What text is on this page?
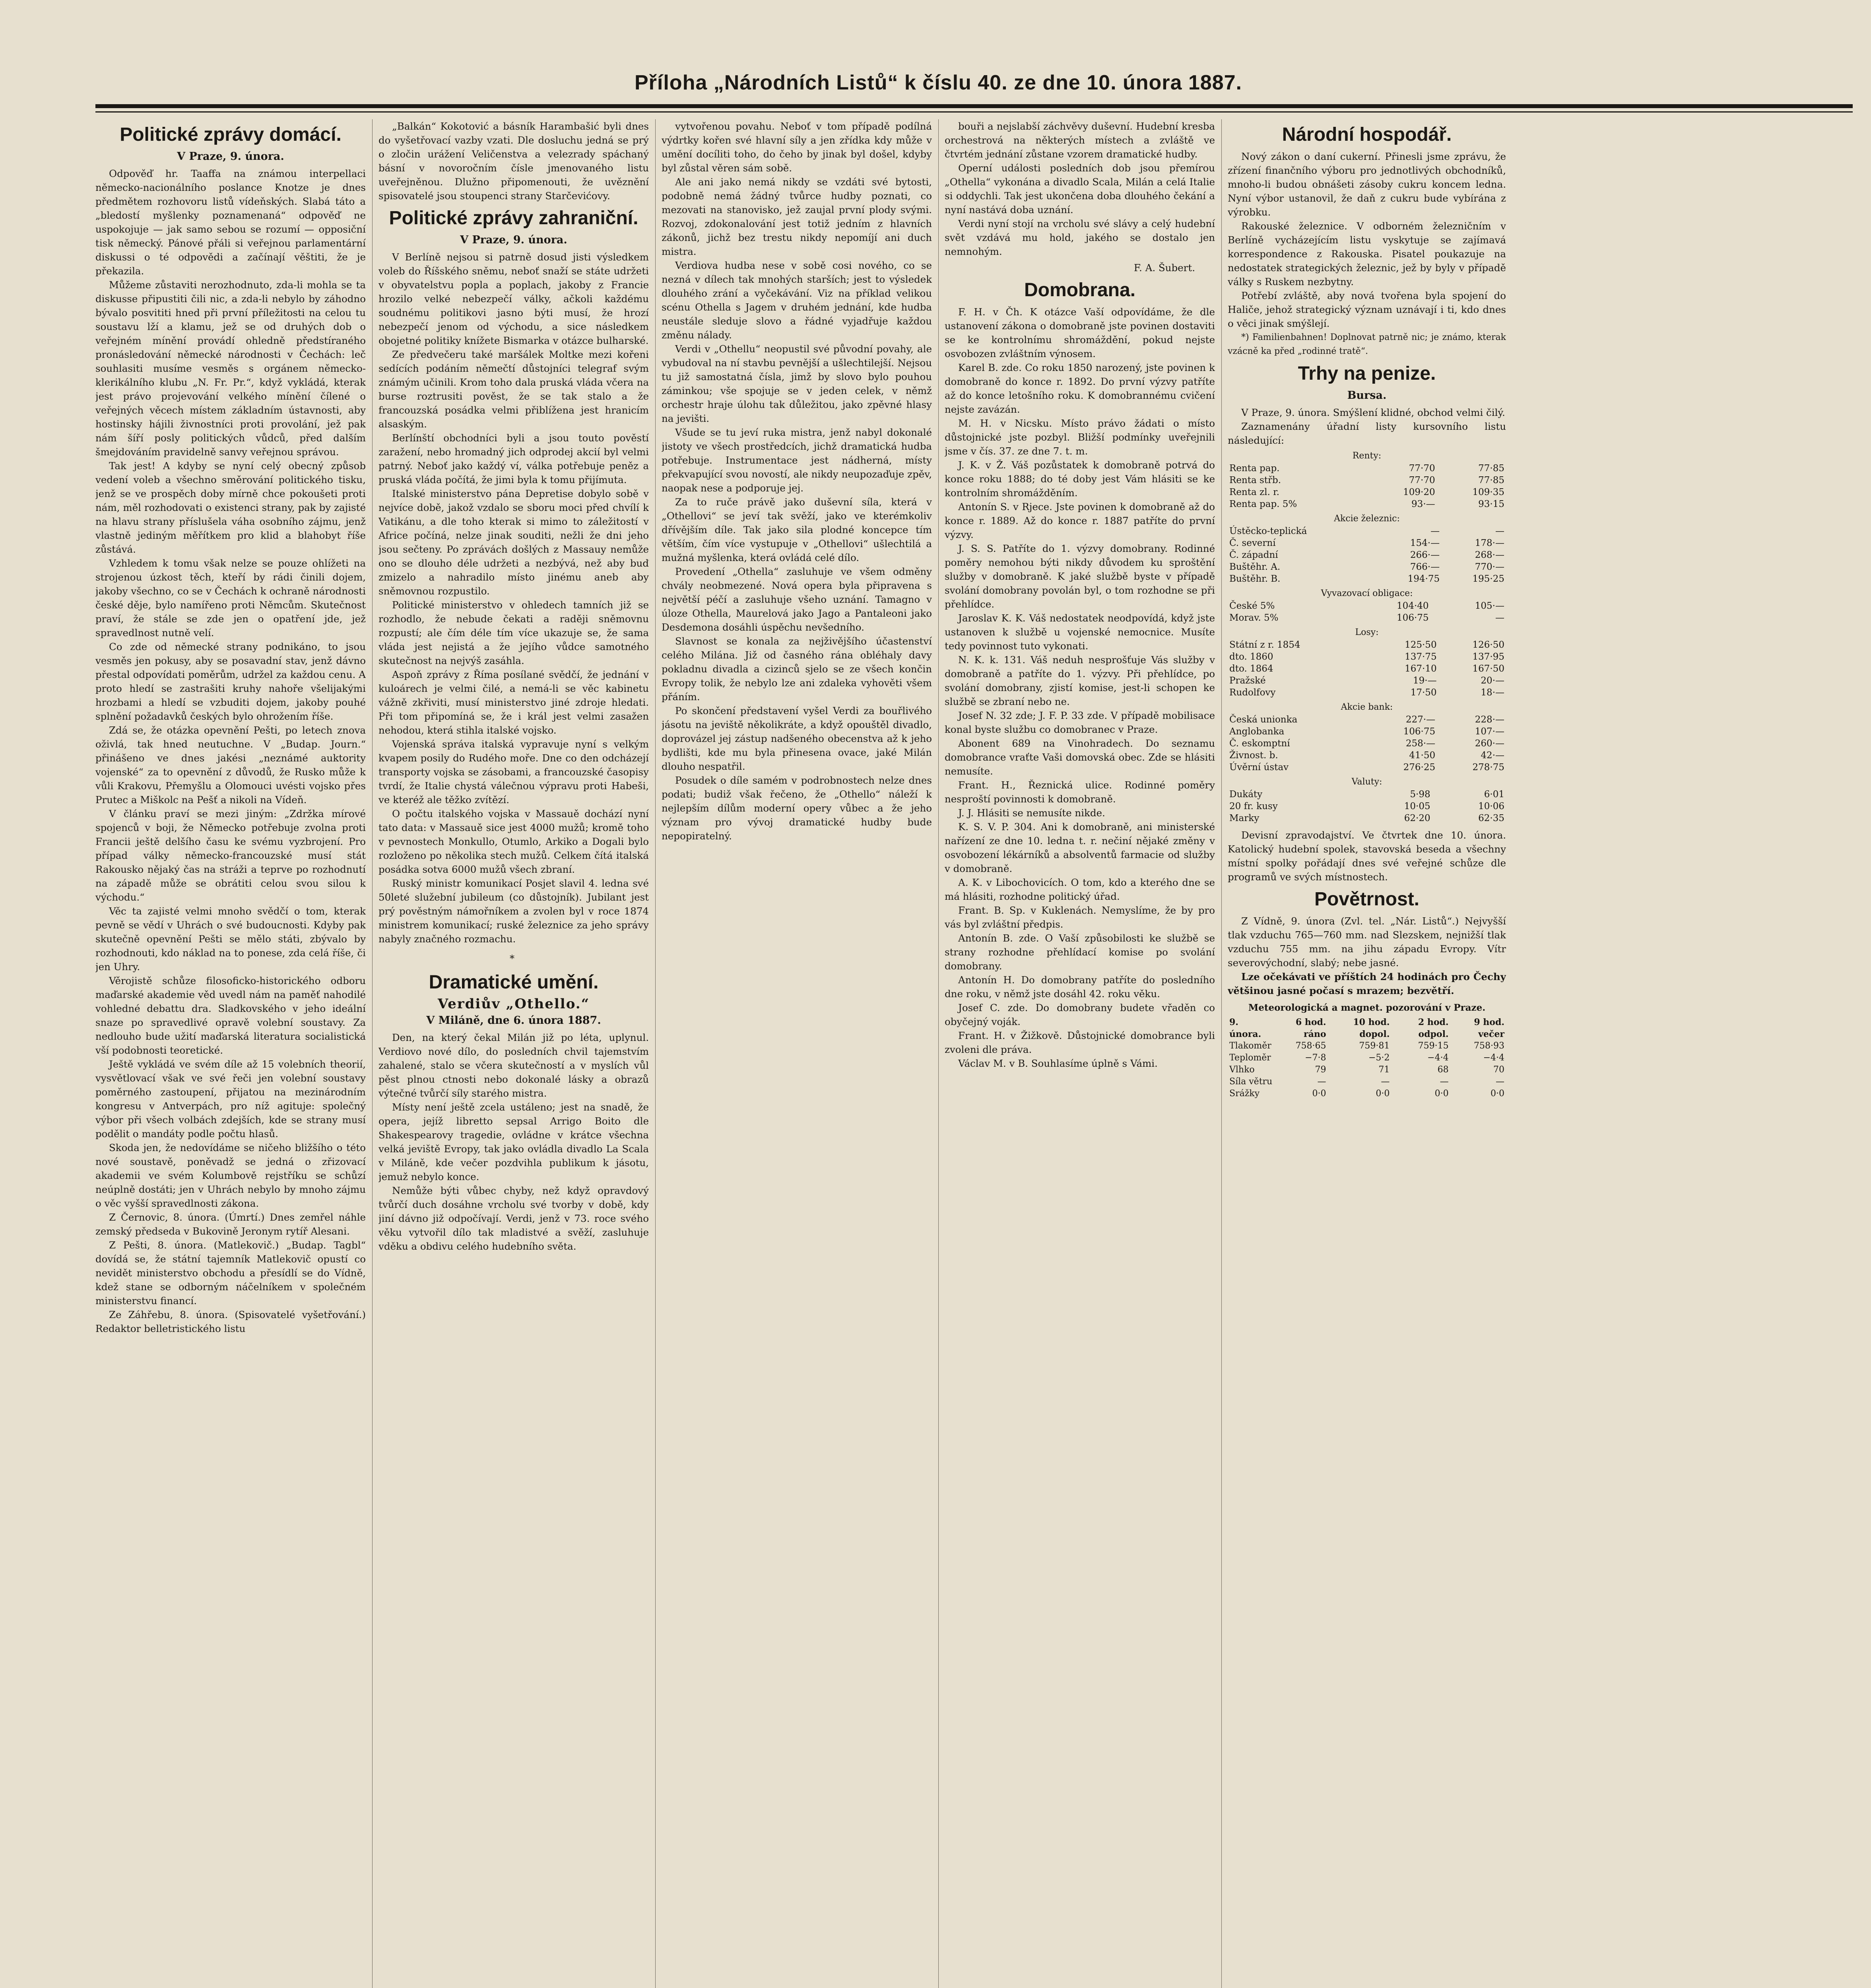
Příloha „Národních Listů“ k číslu 40. ze dne 10. února 1887.
Politické zprávy domácí.
V Praze, 9. února.

Odpověď hr. Taaffa na známou interpellaci německo-nacionálního poslance Knotze je dnes předmětem rozhovoru listů vídeňských. Slabá táto a „bledostí myšlenky poznamenaná“ odpověď ne uspokojuje — jak samo sebou se rozumí — opposiční tisk německý. Pánové přáli si veřejnou parlamentární diskussi o té odpovědi a začínají věštiti, že je překazila.

Můžeme zůstaviti nerozhodnuto, zda-li mohla se ta diskusse připustiti čili nic, a zda-li nebylo by záhodno bývalo posvititi hned při první příležitosti na celou tu soustavu lží a klamu, jež se od druhých dob o veřejném mínění provádí ohledně předstíraného pronásledování německé národnosti v Čechách: leč souhlasiti musíme vesměs s orgánem německo-klerikálního klubu „N. Fr. Pr.“, když vykládá, kterak jest právo projevování velkého mínění čílené o veřejných věcech místem základním ústavnosti, aby hostinsky hájili živnostníci proti provolání, jež pak nám šíří posly politických vůdců, před dalším šmejdováním pravidelně sanvy veřejnou správou.

Tak jest! A kdyby se nyní celý obecný způsob vedení voleb a všechno směrování politického tisku, jenž se ve prospěch doby mírně chce pokoušeti proti nám, měl rozhodovati o existenci strany, pak by zajisté na hlavu strany příslušela váha osobního zájmu, jenž vlastně jediným měřítkem pro klid a blahobyt říše zůstává.

Vzhledem k tomu však nelze se pouze ohlížeti na strojenou úzkost těch, kteří by rádi činili dojem, jakoby všechno, co se v Čechách k ochraně národnosti české děje, bylo namířeno proti Němcům. Skutečnost praví, že stále se zde jen o opatření jde, jež spravedlnost nutně velí.

Co zde od německé strany podnikáno, to jsou vesměs jen pokusy, aby se posavadní stav, jenž dávno přestal odpovídati poměrům, udržel za každou cenu. A proto hledí se zastrašiti kruhy nahoře všelijakými hrozbami a hledí se vzbuditi dojem, jakoby pouhé splnění požadavků českých bylo ohrožením říše.

Zdá se, že otázka opevnění Pešti, po letech znova oživlá, tak hned neutuchne. V „Budap. Journ.“ přinášeno ve dnes jakési „neznámé auktority vojenské“ za to opevnění z důvodů, že Rusko může k vůli Krakovu, Přemyšlu a Olomouci uvésti vojsko přes Prutec a Miškolc na Pešť a nikoli na Vídeň.

V článku praví se mezi jiným: „Zdržka mírové spojenců v boji, že Německo potřebuje zvolna proti Francii ještě delšího času ke svému vyzbrojení. Pro případ války německo-francouzské musí stát Rakousko nějaký čas na stráži a teprve po rozhodnutí na západě může se obrátiti celou svou silou k východu.“

Věc ta zajisté velmi mnoho svědčí o tom, kterak pevně se vědí v Uhrách o své budoucnosti. Kdyby pak skutečně opevnění Pešti se mělo státi, zbývalo by rozhodnouti, kdo náklad na to ponese, zda celá říše, či jen Uhry.

Věrojistě schůze filosoficko-historického odboru maďarské akademie věd uvedl nám na paměť nahodilé vohledné debattu dra. Sladkovského v jeho ideální snaze po spravedlivé opravě volební soustavy. Za nedlouho bude užití maďarská literatura socialistická vší podobnosti teoretické.

Ještě vykládá ve svém díle až 15 volebních theorií, vysvětlovací však ve své řeči jen volební soustavy poměrného zastoupení, přijatou na mezinárodním kongresu v Antverpách, pro níž agituje: společný výbor při všech volbách zdejších, kde se strany musí podělit o mandáty podle počtu hlasů.

Skoda jen, že nedovídáme se ničeho bližšího o této nové soustavě, poněvadž se jedná o zřizovací akademii ve svém Kolumbově rejstříku se schůzí neúplně dostáti; jen v Uhrách nebylo by mnoho zájmu o věc vyšší spravedlnosti zákona.

Z Černovic, 8. února. (Úmrtí.) Dnes zemřel náhle zemský předseda v Bukovině Jeronym rytíř Alesani.

Z Pešti, 8. února. (Matlekovič.) „Budap. Tagbl“ dovídá se, že státní tajemník Matlekovič opustí co nevidět ministerstvo obchodu a přesídlí se do Vídně, kdež stane se odborným náčelníkem v společném ministerstvu financí.

Ze Záhřebu, 8. února. (Spisovatelé vyšetřování.) Redaktor belletristického listu

„Balkán“ Kokotović a básník Harambašić byli dnes do vyšetřovací vazby vzati. Dle dosluchu jedná se prý o zločin urážení Veličenstva a velezrady spáchaný básní v novoročním čísle jmenovaného listu uveřejněnou. Dlužno připomenouti, že uvěznění spisovatelé jsou stoupenci strany Starčevićovy.

Politické zprávy zahraniční.
V Praze, 9. února.

V Berlíně nejsou si patrně dosud jisti výsledkem voleb do Říšského sněmu, neboť snaží se státe udržeti v obyvatelstvu popla a poplach, jakoby z Francie hrozilo velké nebezpečí války, ačkoli každému soudnému politikovi jasno býti musí, že hrozí nebezpečí jenom od východu, a sice následkem obojetné politiky knížete Bismarka v otázce bulharské.

Ze předvečeru také maršálek Moltke mezi kořeni sedících podáním němečtí důstojníci telegraf svým známým učinili. Krom toho dala pruská vláda včera na burse roztrusiti pověst, že se tak stalo a že francouzská posádka velmi přiblížena jest hranicím alsaským.

Berlínští obchodníci byli a jsou touto pověstí zaražení, nebo hromadný jich odprodej akcií byl velmi patrný. Neboť jako každý ví, válka potřebuje peněz a pruská vláda počítá, že jimi byla k tomu přijímuta.

Italské ministerstvo pána Depretise dobylo sobě v nejvíce době, jakož vzdalo se sboru moci před chvílí k Vatikánu, a dle toho kterak si mimo to záležitostí v Africe počíná, nelze jinak souditi, nežli že dni jeho jsou sečteny. Po zprávách došlých z Massauy nemůže ono se dlouho déle udržeti a nezbývá, než aby buď zmizelo a nahradilo místo jinému aneb aby sněmovnou rozpustilo.

Politické ministerstvo v ohledech tamních již se rozhodlo, že nebude čekati a raději sněmovnu rozpustí; ale čím déle tím více ukazuje se, že sama vláda jest nejistá a že jejího vůdce samotného skutečnost na nejvýš zasáhla.

Aspoň zprávy z Říma posílané svědčí, že jednání v kuloárech je velmi čilé, a nemá-li se věc kabinetu vážně zkřiviti, musí ministerstvo jiné zdroje hledati. Při tom připomíná se, že i král jest velmi zasažen nehodou, která stihla italské vojsko.

Vojenská správa italská vypravuje nyní s velkým kvapem posily do Rudého moře. Dne co den odcházejí transporty vojska se zásobami, a francouzské časopisy tvrdí, že Italie chystá válečnou výpravu proti Habeši, ve kteréž ale těžko zvítězí.

O počtu italského vojska v Massauě dochází nyní tato data: v Massauě sice jest 4000 mužů; kromě toho v pevnostech Monkullo, Otumlo, Arkiko a Dogali bylo rozloženo po několika stech mužů. Celkem čítá italská posádka sotva 6000 mužů všech zbraní.

Ruský ministr komunikací Posjet slavil 4. ledna své 50leté služební jubileum (co důstojník). Jubilant jest prý pověstným námořníkem a zvolen byl v roce 1874 ministrem komunikací; ruské železnice za jeho správy nabyly značného rozmachu.

*
Dramatické umění.
Verdiův „Othello.“
V Miláně, dne 6. února 1887.

Den, na který čekal Milán již po léta, uplynul. Verdiovo nové dílo, do posledních chvil tajemstvím zahalené, stalo se včera skutečností a v myslích vůl pěst plnou ctnosti nebo dokonalé lásky a obrazů výtečné tvůrčí síly starého mistra.

Místy není ještě zcela ustáleno; jest na snadě, že opera, jejíž libretto sepsal Arrigo Boito dle Shakespearovy tragedie, ovládne v krátce všechna velká jeviště Evropy, tak jako ovládla divadlo La Scala v Miláně, kde večer pozdvihla publikum k jásotu, jemuž nebylo konce.

Nemůže býti vůbec chyby, než když opravdový tvůrčí duch dosáhne vrcholu své tvorby v době, kdy jiní dávno již odpočívají. Verdi, jenž v 73. roce svého věku vytvořil dílo tak mladistvé a svěží, zasluhuje vděku a obdivu celého hudebního světa.

vytvořenou povahu. Neboť v tom případě podílná výdrtky kořen své hlavní síly a jen zřídka kdy může v umění docíliti toho, do čeho by jinak byl došel, kdyby byl zůstal věren sám sobě.

Ale ani jako nemá nikdy se vzdáti své bytosti, podobně nemá žádný tvůrce hudby poznati, co mezovati na stanovisko, jež zaujal první plody svými. Rozvoj, zdokonalování jest totiž jedním z hlavních zákonů, jichž bez trestu nikdy nepomíjí ani duch mistra.

Verdiova hudba nese v sobě cosi nového, co se nezná v dílech tak mnohých starších; jest to výsledek dlouhého zrání a vyčekávání. Viz na příklad velikou scénu Othella s Jagem v druhém jednání, kde hudba neustále sleduje slovo a řádné vyjadřuje každou změnu nálady.

Verdi v „Othellu“ neopustil své původní povahy, ale vybudoval na ní stavbu pevnější a ušlechtilejší. Nejsou tu již samostatná čísla, jimž by slovo bylo pouhou záminkou; vše spojuje se v jeden celek, v němž orchestr hraje úlohu tak důležitou, jako zpěvné hlasy na jevišti.

Všude se tu jeví ruka mistra, jenž nabyl dokonalé jistoty ve všech prostředcích, jichž dramatická hudba potřebuje. Instrumentace jest nádherná, místy překvapující svou novostí, ale nikdy neupozaďuje zpěv, naopak nese a podporuje jej.

Za to ruče právě jako duševní síla, která v „Othellovi“ se jeví tak svěží, jako ve kterémkoliv dřívějším díle. Tak jako sila plodné koncepce tím větším, čím více vystupuje v „Othellovi“ ušlechtilá a mužná myšlenka, která ovládá celé dílo.

Provedení „Othella“ zasluhuje ve všem odměny chvály neobmezené. Nová opera byla připravena s největší péčí a zasluhuje všeho uznání. Tamagno v úloze Othella, Maurelová jako Jago a Pantaleoni jako Desdemona dosáhli úspěchu nevšedního.

Slavnost se konala za nejživějšího účastenství celého Milána. Již od časného rána obléhaly davy pokladnu divadla a cizinců sjelo se ze všech končin Evropy tolik, že nebylo lze ani zdaleka vyhověti všem přáním.

Po skončení představení vyšel Verdi za bouřlivého jásotu na jeviště několikráte, a když opouštěl divadlo, doprovázel jej zástup nadšeného obecenstva až k jeho bydlišti, kde mu byla přinesena ovace, jaké Milán dlouho nespatřil.

Posudek o díle samém v podrobnostech nelze dnes podati; budiž však řečeno, že „Othello“ náleží k nejlepším dílům moderní opery vůbec a že jeho význam pro vývoj dramatické hudby bude nepopiratelný.

bouři a nejslabší záchvěvy duševní. Hudební kresba orchestrová na některých místech a zvláště ve čtvrtém jednání zůstane vzorem dramatické hudby.

Operní události posledních dob jsou přemírou „Othella“ vykonána a divadlo Scala, Milán a celá Italie si oddychli. Tak jest ukončena doba dlouhého čekání a nyní nastává doba uznání.

Verdi nyní stojí na vrcholu své slávy a celý hudební svět vzdává mu hold, jakého se dostalo jen nemnohým.

F. A. Šubert.
Domobrana.

F. H. v Čh. K otázce Vaší odpovídáme, že dle ustanovení zákona o domobraně jste povinen dostaviti se ke kontrolnímu shromáždění, pokud nejste osvobozen zvláštním výnosem.

Karel B. zde. Co roku 1850 narozený, jste povinen k domobraně do konce r. 1892. Do první výzvy patříte až do konce letošního roku. K domobrannému cvičení nejste zavázán.

M. H. v Nicsku. Místo právo žádati o místo důstojnické jste pozbyl. Bližší podmínky uveřejnili jsme v čís. 37. ze dne 7. t. m.

J. K. v Ž. Váš pozůstatek k domobraně potrvá do konce roku 1888; do té doby jest Vám hlásiti se ke kontrolním shromážděním.

Antonín S. v Rjece. Jste povinen k domobraně až do konce r. 1889. Až do konce r. 1887 patříte do první výzvy.

J. S. S. Patříte do 1. výzvy domobrany. Rodinné poměry nemohou býti nikdy důvodem ku sproštění služby v domobraně. K jaké službě byste v případě svolání domobrany povolán byl, o tom rozhodne se při přehlídce.

Jaroslav K. K. Váš nedostatek neodpovídá, když jste ustanoven k službě u vojenské nemocnice. Musíte tedy povinnost tuto vykonati.

N. K. k. 131. Váš neduh nesprošťuje Vás služby v domobraně a patříte do 1. výzvy. Při přehlídce, po svolání domobrany, zjistí komise, jest-li schopen ke službě se zbraní nebo ne.

Josef N. 32 zde; J. F. P. 33 zde. V případě mobilisace konal byste službu co domobranec v Praze.

Abonent 689 na Vinohradech. Do seznamu domobrance vraťte Vaši domovská obec. Zde se hlásiti nemusíte.

Frant. H., Řeznická ulice. Rodinné poměry nesproští povinnosti k domobraně.

J. J. Hlásiti se nemusíte nikde.

K. S. V. P. 304. Ani k domobraně, ani ministerské nařízení ze dne 10. ledna t. r. nečiní nějaké změny v osvobození lékárníků a absolventů farmacie od služby v domobraně.

A. K. v Libochovicích. O tom, kdo a kterého dne se má hlásiti, rozhodne politický úřad.

Frant. B. Sp. v Kuklenách. Nemyslíme, že by pro vás byl zvláštní předpis.

Antonín B. zde. O Vaší způsobilosti ke službě se strany rozhodne přehlídací komise po svolání domobrany.

Antonín H. Do domobrany patříte do posledního dne roku, v němž jste dosáhl 42. roku věku.

Josef C. zde. Do domobrany budete vřaděn co obyčejný voják.

Frant. H. v Žižkově. Důstojnické domobrance byli zvoleni dle práva.

Václav M. v B. Souhlasíme úplně s Vámi.

Národní hospodář.

Nový zákon o daní cukerní. Přinesli jsme zprávu, že zřízení finančního výboru pro jednotlivých obchodníků, mnoho-li budou obnášeti zásoby cukru koncem ledna. Nyní výbor ustanovil, že daň z cukru bude vybírána z výrobku.

Rakouské železnice. V odborném železničním v Berlíně vycházejícím listu vyskytuje se zajímavá korrespondence z Rakouska. Pisatel poukazuje na nedostatek strategických železnic, jež by byly v případě války s Ruskem nezbytny.

Potřebí zvláště, aby nová tvořena byla spojení do Haliče, jehož strategický význam uznávají i ti, kdo dnes o věci jinak smýšlejí.

*) Familienbahnen! Doplnovat patrně nic; je známo, kterak vzácně ka před „rodinné tratě“.

Trhy na penize.
Bursa.

V Praze, 9. února. Smýšlení klidné, obchod velmi čilý.

Zaznamenány úřadní listy kursovního listu následující:

Renty:
Renta pap.	77·70	77·85
Renta střb.	77·70	77·85
Renta zl. r.	109·20	109·35
Renta pap. 5%	93·—	93·15
Akcie železnic:
Ústěcko-teplická	—	—
Č. severní	154·—	178·—
Č. západní	266·—	268·—
Buštěhr. A.	766·—	770·—
Buštěhr. B.	194·75	195·25
Vyvazovací obligace:
České 5%	104·40	105·—
Morav. 5%	106·75	—
Losy:
Státní z r. 1854	125·50	126·50
dto. 1860	137·75	137·95
dto. 1864	167·10	167·50
Pražské	19·—	20·—
Rudolfovy	17·50	18·—
Akcie bank:
Česká unionka	227·—	228·—
Anglobanka	106·75	107·—
Č. eskomptní	258·—	260·—
Živnost. b.	41·50	42·—
Úvěrní ústav	276·25	278·75
Valuty:
Dukáty	5·98	6·01
20 fr. kusy	10·05	10·06
Marky	62·20	62·35

Devisní zpravodajství. Ve čtvrtek dne 10. února. Katolický hudební spolek, stavovská beseda a všechny místní spolky pořádají dnes své veřejné schůze dle programů ve svých místnostech.

Povětrnost.

Z Vídně, 9. února (Zvl. tel. „Nár. Listů“.) Nejvyšší tlak vzduchu 765—760 mm. nad Slezskem, nejnižší tlak vzduchu 755 mm. na jihu západu Evropy. Vítr severovýchodní, slabý; nebe jasné.

Lze očekávati ve příštích 24 hodinách pro Čechy většinou jasné počasí s mrazem; bezvětří.

Meteorologická a magnet. pozorování v Praze.
9. února.	6 hod. ráno	10 hod. dopol.	2 hod. odpol.	9 hod. večer
Tlakoměr	758·65	759·81	759·15	758·93
Teploměr	−7·8	−5·2	−4·4	−4·4
Vlhko	79	71	68	70
Síla větru	—	—	—	—
Srážky	0·0	0·0	0·0	0·0
